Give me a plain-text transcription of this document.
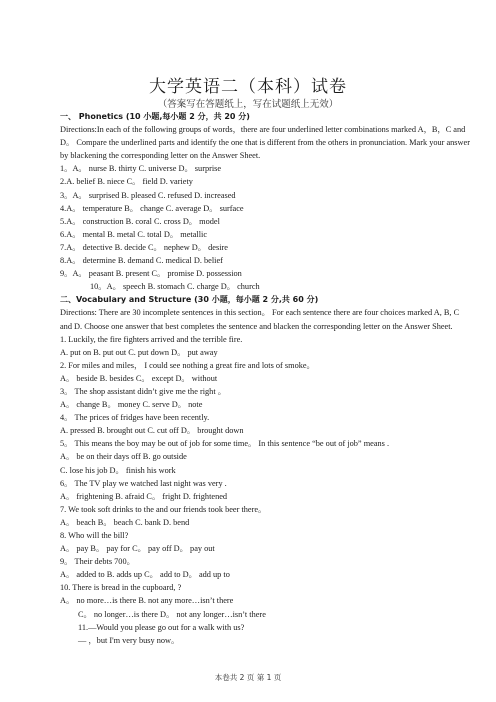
大学英语二（本科）试卷
（答案写在答题纸上，写在试题纸上无效）
一、 Phonetics (10 小题,每小题 2 分，共 20 分)
Directions:In each of the following groups of words，there are four underlined letter combinations marked A，B，C and D。 Compare the underlined parts and identify the one that is different from the others in pronunciation. Mark your answer by blackening the corresponding letter on the Answer Sheet.
1。A。 nurse B. thirty C. universe D。 surprise
2.A. belief B. niece C。 field D. variety
3。A。 surprised B. pleased C. refused D. increased
4.A。 temperature B。 change C. average D。 surface
5.A。 construction B. coral C. cross D。 model
6.A。 mental B. metal C. total D。 metallic
7.A。 detective B. decide C。 nephew D。 desire
8.A。 determine B. demand C. medical D. belief
9。A。 peasant B. present C。 promise D. possession
10。A。 speech B. stomach C. charge D。 church
二、Vocabulary and Structure (30 小题，每小题 2 分,共 60 分)
Directions: There are 30 incomplete sentences in this section。 For each sentence there are four choices marked A, B, C and D. Choose one answer that best completes the sentence and blacken the corresponding letter on the Answer Sheet.
1. Luckily, the fire fighters arrived and the terrible fire.
A. put on B. put out C. put down D。 put away
2. For miles and miles， I could see nothing a great fire and lots of smoke。
A。 beside B. besides C。 except D。 without
3。 The shop assistant didn’t give me the right 。
A。 change B。 money C. serve D。 note
4。 The prices of fridges have been recently.
A. pressed B. brought out C. cut off D。 brought down
5。 This means the boy may be out of job for some time。 In this sentence “be out of job” means .
A。 be on their days off B. go outside
C. lose his job D。 finish his work
6。 The TV play we watched last night was very .
A。 frightening B. afraid C。 fright D. frightened
7. We took soft drinks to the and our friends took beer there。
A。 beach B。 beach C. bank D. bend
8. Who will the bill?
A。 pay B。 pay for C。 pay off D。 pay out
9。 Their debts 700。
A。 added to B. adds up C。 add to D。 add up to
10. There is bread in the cupboard, ?
A。 no more…is there B. not any more…isn’t there
C。 no longer…is there D。 not any longer…isn’t there
11.—Would you please go out for a walk with us?
— ，but I'm very busy now。
本卷共 2 页 第 1 页
